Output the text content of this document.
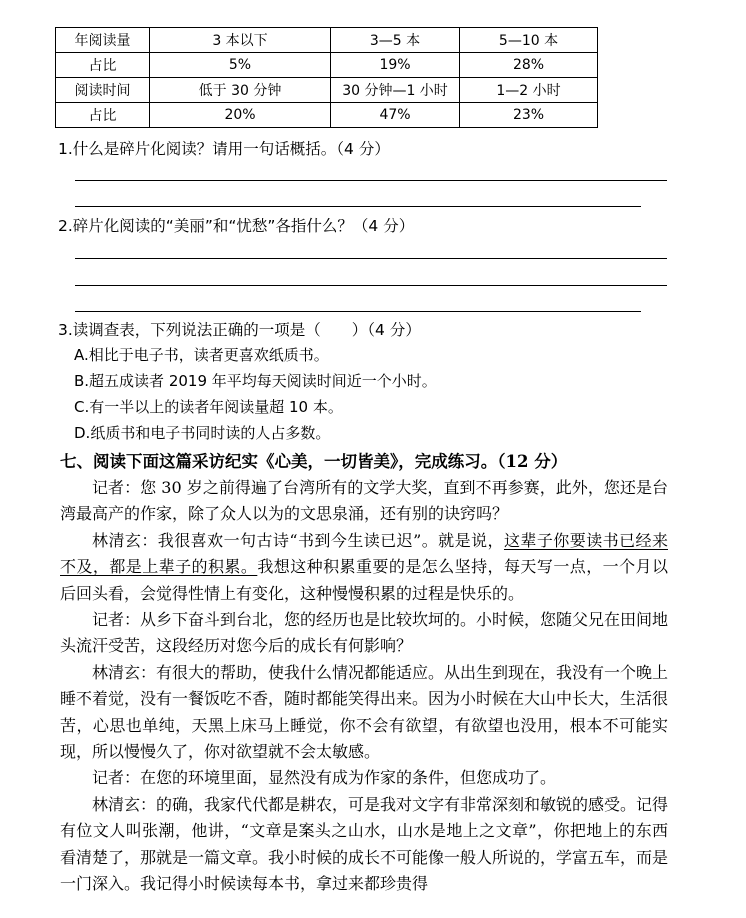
年阅读量	3 本以下	3—5 本	5—10 本
占比	5%	19%	28%
阅读时间	低于 30 分钟	30 分钟—1 小时	1—2 小时
占比	20%	47%	23%
1.什么是碎片化阅读？请用一句话概括。（4 分）
2.碎片化阅读的“美丽”和“忧愁”各指什么？（4 分）
3.读调查表，下列说法正确的一项是（　　）（4 分）
A.相比于电子书，读者更喜欢纸质书。
B.超五成读者 2019 年平均每天阅读时间近一个小时。
C.有一半以上的读者年阅读量超 10 本。
D.纸质书和电子书同时读的人占多数。
七、阅读下面这篇采访纪实《心美，一切皆美》，完成练习。（12 分）

记者：您 30 岁之前得遍了台湾所有的文学大奖，直到不再参赛，此外，您还是台湾最高产的作家，除了众人以为的文思泉涌，还有别的诀窍吗？

林清玄：我很喜欢一句古诗“书到今生读已迟”。就是说，这辈子你要读书已经来不及，都是上辈子的积累。我想这种积累重要的是怎么坚持，每天写一点，一个月以后回头看，会觉得性情上有变化，这种慢慢积累的过程是快乐的。

记者：从乡下奋斗到台北，您的经历也是比较坎坷的。小时候，您随父兄在田间地头流汗受苦，这段经历对您今后的成长有何影响？

林清玄：有很大的帮助，使我什么情况都能适应。从出生到现在，我没有一个晚上睡不着觉，没有一餐饭吃不香，随时都能笑得出来。因为小时候在大山中长大，生活很苦，心思也单纯，天黑上床马上睡觉，你不会有欲望，有欲望也没用，根本不可能实现，所以慢慢久了，你对欲望就不会太敏感。

记者：在您的环境里面，显然没有成为作家的条件，但您成功了。

林清玄：的确，我家代代都是耕农，可是我对文字有非常深刻和敏锐的感受。记得有位文人叫张潮，他讲，“文章是案头之山水，山水是地上之文章”，你把地上的东西看清楚了，那就是一篇文章。我小时候的成长不可能像一般人所说的，学富五车，而是一门深入。我记得小时候读每本书，拿过来都珍贵得
